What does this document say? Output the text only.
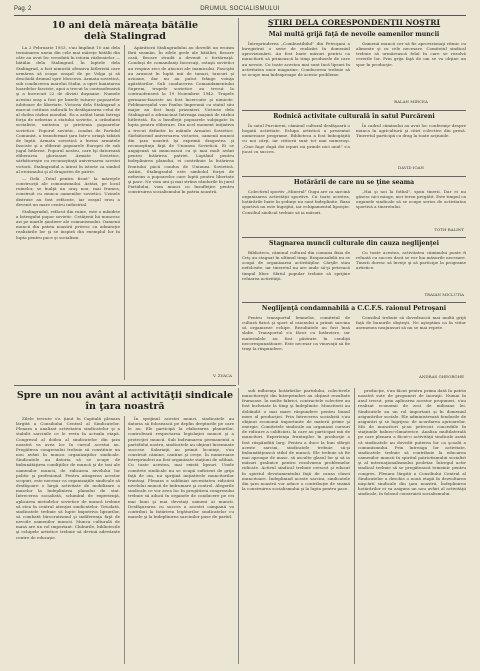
Pag. 2	DRUMUL SOCIALISMULUI
10 ani delà măreața bătălie
delà Stalingrad

La 2 Februarie 1953, s'au împlinit 10 ani dela terminarea uneia din cele mai măreţe bătălii din câte au avut loc vreodată în istoria războaielor — bătălia dela Stalingrad. În luptele dela Stalingrad, a fost nimicită ofensiva hitleristă care urmărea să ocupe oraşul de pe Volga şi să deschidă drumul spre Moscova. Armata sovietică, sub conducerea marelui Stalin, a oprit înaintarea hoardelor fasciste, apoi a trecut la contraofensivă şi a încercuit 22 de divizii duşmane. Numele acestui oraş a fost pe buzele tuturor popoarelor iubitoare de libertate. Victoria dela Stalingrad a marcat cotitura radicală în desfăşurarea celui de al doilea război mondial. Ea a arătat lumii întregi forţa de neînvins a statului sovietic, a orânduirii socialiste, unitatea şi prietenia popoarelor sovietice. Poporul sovietic, condus de Partidul Comunist, a transformat ţara într-o uriaşă tabără de luptă. Armata sovietică a învins armatele fasciste şi a eliberat popoarele Europei de sub jugul hitlerist. Poporul nostru, care îşi datorează eliberarea glorioasei Armate Sovietice, sărbătoreşte cu recunoştinţă aniversarea acestei victorii. Stalingradul a intrat în istorie ca simbol al eroismului şi al dragostei de patrie.

— Delà „Totul pentru front” la măreţele construcţii ale comunismului. Astăzi, pe locul ruinelor, se înalţă un oraş nou, mai frumos, construit cu munca oamenilor sovietici. Uzinele distruse au fost refăcute, iar oraşul erou a devenit un mare centru industrial.

Stalingradul, refăcut din ruine, este o mândrie a întregului popor sovietic. Cetăţenii lui muncesc azi pe marile şantiere ale comunismului. Oamenii muncii din patria noastră privesc cu admiraţie realizările lor şi se inspiră din exemplul lor în lupta pentru pace şi socialism.

Apărătorii Stalingradului au dovedit un eroism fără seamăn. În zilele grele ale bătăliei, fiecare casă, fiecare stradă a devenit o fortăreaţă. Conduşi de comandanţi încercaţi, ostaşii sovietici au respins zeci de atacuri ale inamicului. Fasciştii au aruncat în luptă mii de tunuri, tancuri şi avioane, dar nu au putut frânge voinţa apărătorilor. Sub conducerea Comandamentului Suprem, trupele sovietice au trecut la contraofensivă la 19 Noiembrie 1942. Trupele germano-fasciste au fost încercuite şi nimicite. Feldmareşalul von Paulus împreună cu statul său major au fost luaţi prizonieri. Victoria dela Stalingrad a zdruncinat întreaga maşină de război hitleristă. Ea a însufleţit popoarele subjugate în lupta pentru eliberare. Din acel moment iniţiativa a trecut definitiv în mâinile Armatei Sovietice. Sărbătorind aniversarea victoriei, oamenii muncii din ţara noastră îşi exprimă dragostea şi recunoştinţa faţă de Uniunea Sovietică. Ei se angajează să muncească cu şi mai mult avânt pentru întărirea patriei. Luptând pentru îndeplinirea planului, ei contribuie la întărirea frontului păcii condus de Uniunea Sovietică. Astăzi, Stalingradul este simbolul forţei de neînvins a popoarelor care luptă pentru libertate şi pace. Ne vom uni şi mai strâns rândurile în jurul Partidului, vom munci cu însufleţire pentru construirea socialismului în patria noastră.

V. ZVACA
ŞTIRI DELA CORESPONDENŢII NOŞTRI
Mai multă grijă faţă de nevoile oamenilor muncii

Întreprinderea „Combustibilul” din Petroşani a înregistrat o serie de realizări în domeniul aprovizionării. Au fost luate măsuri pentru ca muncitorii să primească la timp produsele de care au nevoie. Cu toate acestea mai sunt încă lipsuri în activitatea unor magazine. Conducerea trebuie să se ocupe mai îndeaproape de aceste probleme.

Oamenii muncii cer să fie aprovizionaţi ritmic cu alimente şi cu cele necesare. Comitetul sindical trebuie să urmărească felul în care se rezolvă cererile lor. Prin grija faţă de om se va obţine un spor în producţie.

BALAN MIRCEA
Rodnică activitate culturală în satul Purcăreni

În satul Purcăreni, căminul cultural desfăşoară o bogată activitate. Echipa artistică a prezentat numeroase programe. Biblioteca a fost îmbogăţită cu noi cărţi, iar cititorii sunt tot mai numeroşi. „Cine fuge după doi iepuri nu prinde nici unul” s'a jucat cu succes.

În cadrul căminului au avut loc conferinţe despre munca în agricultură şi citiri colective din presă. Tineretul participă cu drag la toate acţiunile.

DAVID IOAN
Hotărârii de care nu se ţine seama

Colectivul sportiv „Minerul” Gugu are ca sarcină organizarea activităţii sportive. Cu toate acestea, hotărârile luate în şedinţe nu sunt îndeplinite. Baza sportivă nu este îngrijită, iar echipamentul lipseşte. Consiliul sindical trebuie să ia măsuri.

„Hai şi noi la fotbal”, spun tinerii. Dar ei nu găsesc nici minge, nici teren pregătit. Este timpul ca organele sindicale să se ocupe serios de activitatea sportivă a tineretului.

TOTH BALINT
Stagnarea muncii culturale din cauza neglijenţei

Biblioteca, căminul cultural din comuna Baia de Criş au stagnat în ultimul timp. Responsabilii nu se ocupă de organizarea activităţilor. Cărţile stau nefolosite, iar tineretul nu are unde să-şi petreacă timpul liber. Sfatul popular trebuie să sprijine reluarea activităţii.

Cu toate acestea, activitatea căminului poate fi reluată cu succes dacă se vor lua măsurile necesare. Tinerii doresc să înveţe şi să participe la programe artistice.

TRAIAN MICLUTIA
Neglijenţă condamnabilă a C.C.F.S. raionul Petroşani

Pentru transportul lemnelor, comitetul de cultură fizică şi sport al raionului a primit sarcina să organizeze echipe. Rezultatele au fost însă slabe. Transportul s'a făcut cu întârziere, iar materialele au fost păstrate în condiţii necorespunzătoare. Este necesar ca vinovaţii să fie traşi la răspundere.

Consiliul trebuie să dovedească mai multă grijă faţă de bunurile obşteşti. Ne aşteptăm ca în viitor asemenea neajunsuri să nu se mai repete.

ANDRAS GHEORGHE
Spre un nou avânt al activităţii sindicale
în ţara noastră

Zilele trecute s'a ţinut în Capitală plenara lărgită a Consiliului Central al Sindicatelor. Plenara a analizat activitatea sindicatelor şi a stabilit sarcinile ce le revin în actuala etapă. Congresul al doilea al sindicatelor din ţara noastră va avea loc în cursul acestui an. Pregătirea congresului trebuie să constituie un nou avânt în munca organizaţiilor sindicale. Sindicatele au datoria să se ocupe de îmbunătăţirea condiţiilor de muncă şi de trai ale oamenilor muncii, de ridicarea nivelului lor politic şi profesional. Pentru atingerea acestor scopuri, este necesar ca organizaţiile sindicale să desfăşoare o largă activitate de mobilizare a maselor la îndeplinirea planului de stat. Întrecerea socialistă, schimbul de experienţă, aplicarea metodelor sovietice de muncă trebuie să stea în centrul atenţiei sindicatelor. Totodată, sindicatele trebuie să lupte împotriva lipsurilor, să combată birocratismul şi indiferenţa faţă de nevoile oamenilor muncii. Munca culturală de masă are un rol important. Cluburile, bibliotecile şi echipele artistice trebuie să devină adevărate centre de educaţie.

În sprijinul acestei munci, sindicatele au datoria să folosească pe deplin drepturile pe care le au. Ele participă la elaborarea planurilor, controlează respectarea legislaţiei muncii şi a protecţiei muncii. Sub îndrumarea permanentă a partidului nostru, sindicatele au obţinut însemnate succese. Salariaţii au primit locuinţe, s'au construit cămine, cantine şi creşe. În numeroase întreprinderi au fost organizate staţiuni de odihnă. Cu toate acestea, mai există lipsuri. Unele comitete sindicale nu se ocupă suficient de grija faţă de om, nu sprijină iniţiativele muncitorilor fruntaşi. Plenara a subliniat necesitatea ridicării nivelului muncii de îndrumare şi control. Alegerile sindicale ce vor avea loc în pregătirea congresului trebuie să aducă în organele de conducere pe cei mai buni şi mai devotaţi oameni ai muncii. Desfăşurarea cu succes a acestei campanii va contribui la întărirea legăturilor sindicatelor cu masele şi la îndeplinirea sarcinilor puse de partid.

sub influenţa hotărârilor partidului, colectivele muncitoreşti din întreprinderi au obţinut rezultate frumoase. În multe fabrici, contractele colective au fost încheiate la timp şi îndeplinite. Muncitorii au dobândit o mai mare răspundere pentru bunul mers al producţiei. Prin întrecerea socialistă s'au obţinut economii importante de materii prime şi energie. Comitetele sindicale au organizat cursuri de ridicare a calificării, la care au participat mii de muncitori. Experienţa fruntaşilor în producţie a fost răspândită larg. Pentru a duce la bun sfârşit aceste sarcini, sindicatele trebuie să-şi îmbunătăţească stilul de muncă. Ele trebuie să fie mai aproape de mase, să asculte glasul lor şi să ia măsuri grabnice pentru rezolvarea problemelor ridicate. Activul sindical trebuie crescut şi educat în spiritul devotamentului faţă de cauza clasei muncitoare. Îndeplinind aceste sarcini, sindicatele din ţara noastră vor aduce o contribuţie de seamă la construirea socialismului şi la lupta pentru pace.

producţie, s'au făcut pentru prima dată în patria noastră sute de propuneri de inovaţii. Numai în anul trecut, prin aplicarea acestor propuneri, s'au realizat economii de zeci de milioane lei. Sindicatele au un rol important şi în domeniul asigurărilor sociale. Ele administrează fondurile de asigurări şi se îngrijesc de acordarea ajutoarelor. Mii de muncitori şi-au petrecut concediile în staţiunile balneo-climaterice. Analiza multilaterală pe care plenara a făcut-o activităţii sindicale arată că sindicatele au dovedit puterea lor ca şcoală a comunismului. Prin întreaga lor activitate, sindicatele trebuie să contribuie la educarea oamenilor muncii în spiritul patriotismului socialist şi al internaţionalismului proletar. Întregul activ sindical trebuie să se pregătească temeinic pentru congres. Plenara lărgită a Consiliului Central al Sindicatelor a deschis o nouă etapă în dezvoltarea mişcării sindicale din ţara noastră. Îndeplinirea hotărârilor ei va asigura un nou avânt al activităţii sindicale, în folosul construirii socialismului.
